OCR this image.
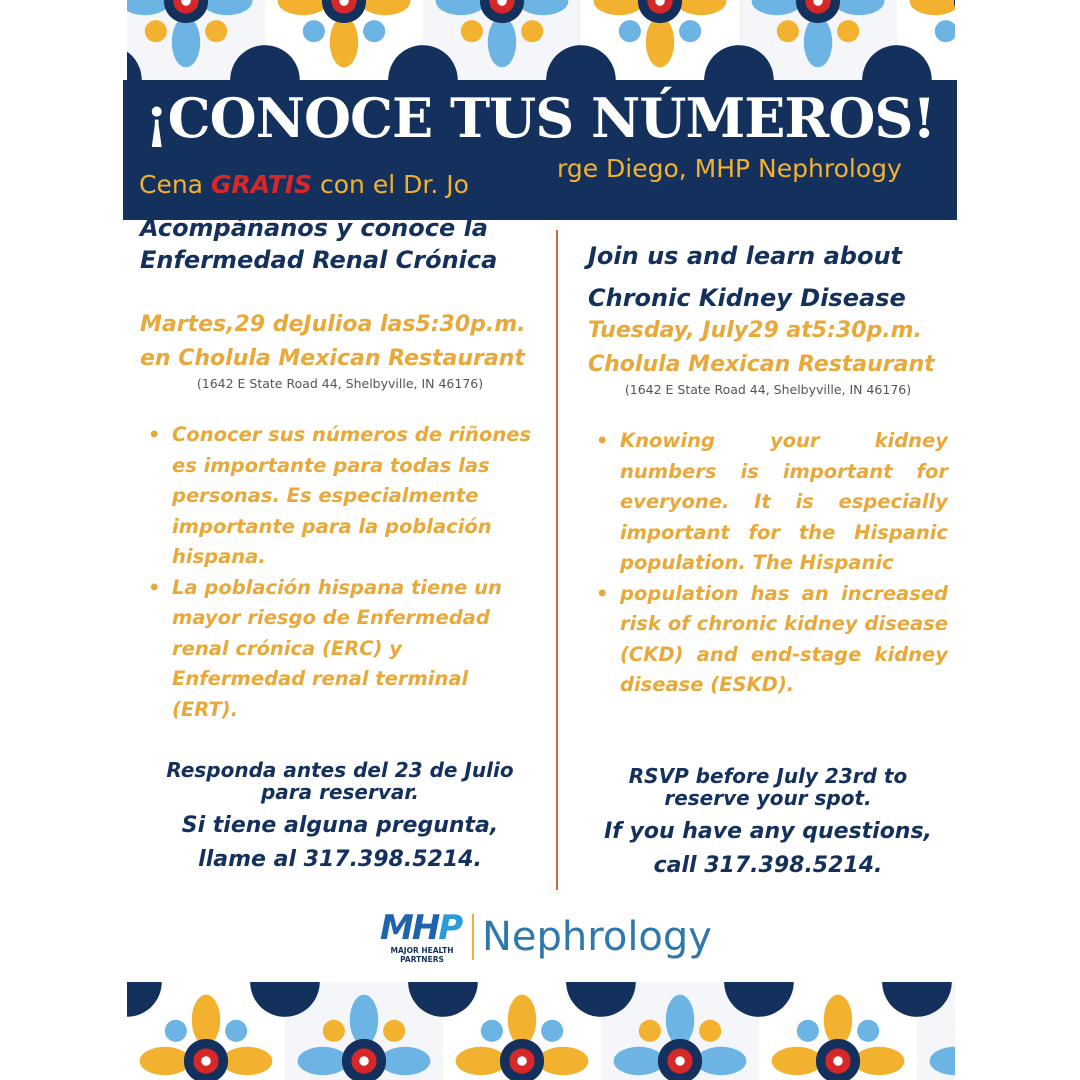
¡CONOCE TUS NÚMEROS!
Cena GRATIS con el Dr. Jo
rge Diego, MHP Nephrology

Acompáñanos y conoce la

Enfermedad Renal Crónica

Martes,29 deJulioa las5:30p.m.

en Cholula Mexican Restaurant

(1642 E State Road 44, Shelbyville, IN 46176)

• Conocer sus números de riñones es importante para todas las personas. Es especialmente importante para la población hispana.
• La población hispana tiene un mayor riesgo de Enfermedad renal crónica (ERC) y Enfermedad renal terminal (ERT).

Responda antes del 23 de Julio

para reservar.

Si tiene alguna pregunta,

llame al 317.398.5214.

Join us and learn about

Chronic Kidney Disease

Tuesday, July29 at5:30p.m.

Cholula Mexican Restaurant

(1642 E State Road 44, Shelbyville, IN 46176)

• Knowing your kidney numbers is important for everyone. It is especially important for the Hispanic population. The Hispanic
• population has an increased risk of chronic kidney disease (CKD) and end-stage kidney disease (ESKD).

RSVP before July 23rd to

reserve your spot.

If you have any questions,

call 317.398.5214.

MHP
MAJOR HEALTH
PARTNERS Nephrology
